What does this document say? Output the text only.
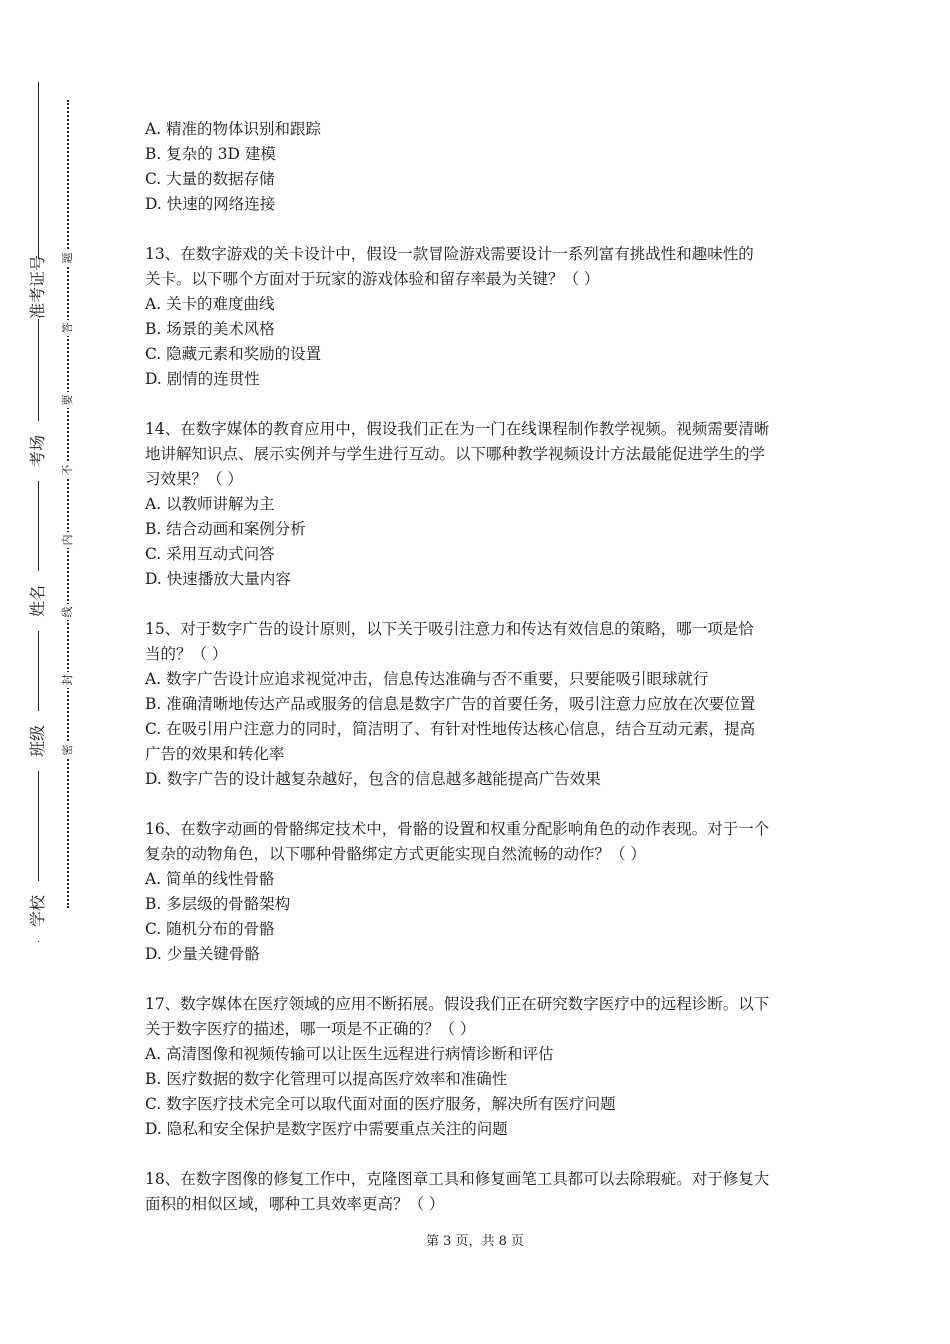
准考证号
考场
姓名
班级
学校
密
封
线
内
不
要
答
题
A. 精准的物体识别和跟踪
B. 复杂的 3D 建模
C. 大量的数据存储
D. 快速的网络连接
13、在数字游戏的关卡设计中，假设一款冒险游戏需要设计一系列富有挑战性和趣味性的
关卡。以下哪个方面对于玩家的游戏体验和留存率最为关键？（ ）
A. 关卡的难度曲线
B. 场景的美术风格
C. 隐藏元素和奖励的设置
D. 剧情的连贯性
14、在数字媒体的教育应用中，假设我们正在为一门在线课程制作教学视频。视频需要清晰
地讲解知识点、展示实例并与学生进行互动。以下哪种教学视频设计方法最能促进学生的学
习效果？（ ）
A. 以教师讲解为主
B. 结合动画和案例分析
C. 采用互动式问答
D. 快速播放大量内容
15、对于数字广告的设计原则，以下关于吸引注意力和传达有效信息的策略，哪一项是恰
当的？（ ）
A. 数字广告设计应追求视觉冲击，信息传达准确与否不重要，只要能吸引眼球就行
B. 准确清晰地传达产品或服务的信息是数字广告的首要任务，吸引注意力应放在次要位置
C. 在吸引用户注意力的同时，简洁明了、有针对性地传达核心信息，结合互动元素，提高
广告的效果和转化率
D. 数字广告的设计越复杂越好，包含的信息越多越能提高广告效果
16、在数字动画的骨骼绑定技术中，骨骼的设置和权重分配影响角色的动作表现。对于一个
复杂的动物角色，以下哪种骨骼绑定方式更能实现自然流畅的动作？（ ）
A. 简单的线性骨骼
B. 多层级的骨骼架构
C. 随机分布的骨骼
D. 少量关键骨骼
17、数字媒体在医疗领域的应用不断拓展。假设我们正在研究数字医疗中的远程诊断。以下
关于数字医疗的描述，哪一项是不正确的？（ ）
A. 高清图像和视频传输可以让医生远程进行病情诊断和评估
B. 医疗数据的数字化管理可以提高医疗效率和准确性
C. 数字医疗技术完全可以取代面对面的医疗服务，解决所有医疗问题
D. 隐私和安全保护是数字医疗中需要重点关注的问题
18、在数字图像的修复工作中，克隆图章工具和修复画笔工具都可以去除瑕疵。对于修复大
面积的相似区域，哪种工具效率更高？（ ）
第 3 页，共 8 页
